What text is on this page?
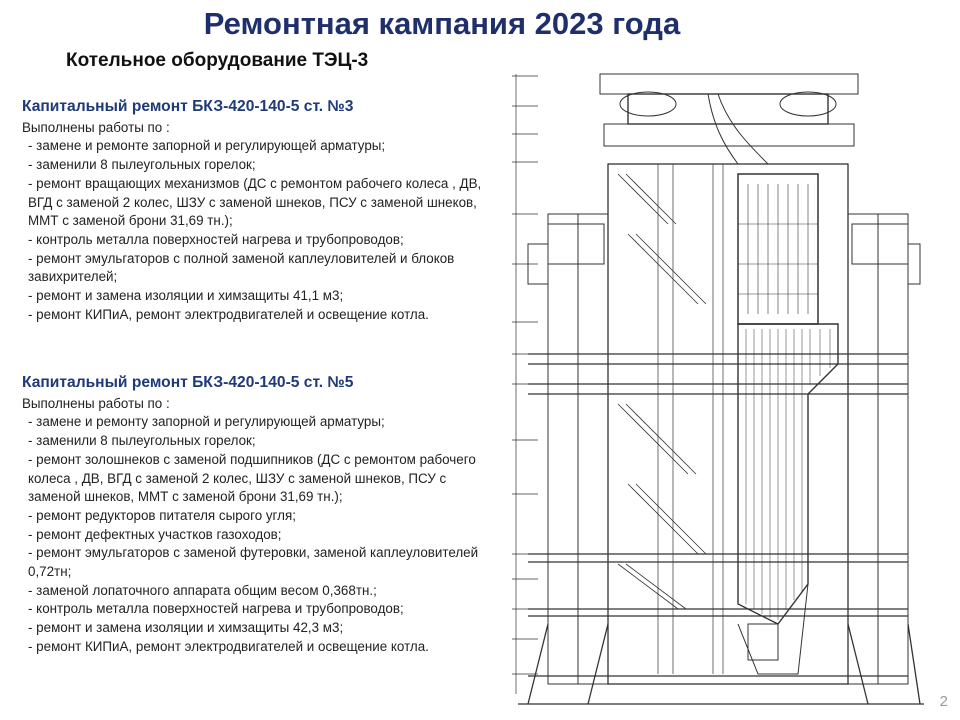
Ремонтная кампания 2023 года
Котельное оборудование ТЭЦ-3
Капитальный ремонт БКЗ-420-140-5 ст. №3

Выполнены работы по :

- замене и ремонте запорной и регулирующей арматуры;
- заменили 8 пылеугольных горелок;
- ремонт вращающих механизмов (ДС с ремонтом рабочего колеса , ДВ, ВГД с заменой 2 колес, ШЗУ с заменой шнеков, ПСУ с заменой шнеков, ММТ с заменой брони 31,69 тн.);
- контроль металла поверхностей нагрева и трубопроводов;
- ремонт эмульгаторов с полной заменой каплеуловителей и блоков завихрителей;
- ремонт и замена изоляции и химзащиты 41,1 м3;
- ремонт КИПиА, ремонт электродвигателей и освещение котла.
Капитальный ремонт БКЗ-420-140-5 ст. №5

Выполнены работы по :

- замене и ремонту запорной и регулирующей арматуры;
- заменили 8 пылеугольных горелок;
- ремонт золошнеков с заменой подшипников (ДС с ремонтом рабочего колеса , ДВ, ВГД с заменой 2 колес, ШЗУ с заменой шнеков, ПСУ с заменой шнеков, ММТ с заменой брони 31,69 тн.);
- ремонт редукторов питателя сырого угля;
- ремонт дефектных участков газоходов;
- ремонт эмульгаторов с заменой футеровки, заменой каплеуловителей 0,72тн;
- заменой лопаточного аппарата общим весом 0,368тн.;
- контроль металла поверхностей нагрева и трубопроводов;
- ремонт и замена изоляции и химзащиты 42,3 м3;
- ремонт КИПиА, ремонт электродвигателей и освещение котла.
2
